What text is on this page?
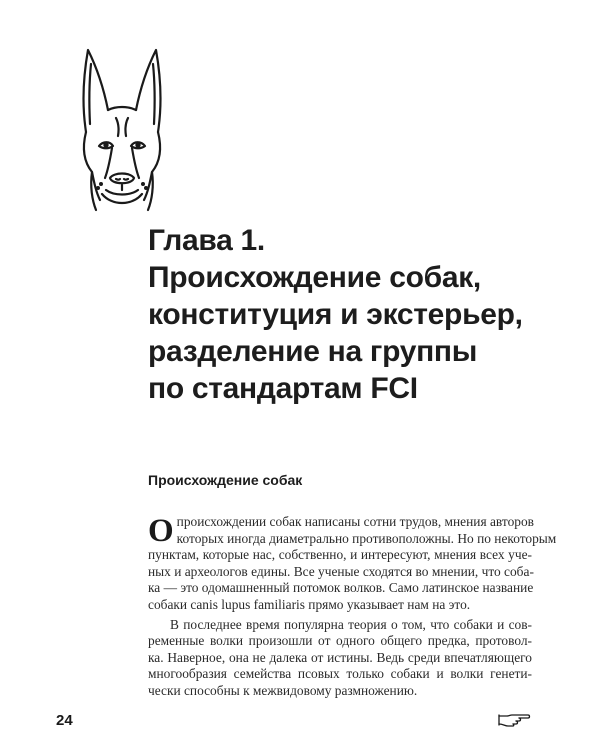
Глава 1.
Происхождение собак,
конституция и экстерьер,
разделение на группы
по стандартам FCI
Происхождение собак

О происхождении собак написаны сотни трудов, мнения авторов
которых иногда диаметрально противоположны. Но по некоторым
пунктам, которые нас, собственно, и интересуют, мнения всех уче-
ных и археологов едины. Все ученые сходятся во мнении, что соба-
ка — это одомашненный потомок волков. Само латинское название
собаки canis lupus familiaris прямо указывает нам на это.

В последнее время популярна теория о том, что собаки и сов-
ременные волки произошли от одного общего предка, протовол-
ка. Наверное, она не далека от истины. Ведь среди впечатляющего
многообразия семейства псовых только собаки и волки генети-
чески способны к межвидовому размножению.

24
